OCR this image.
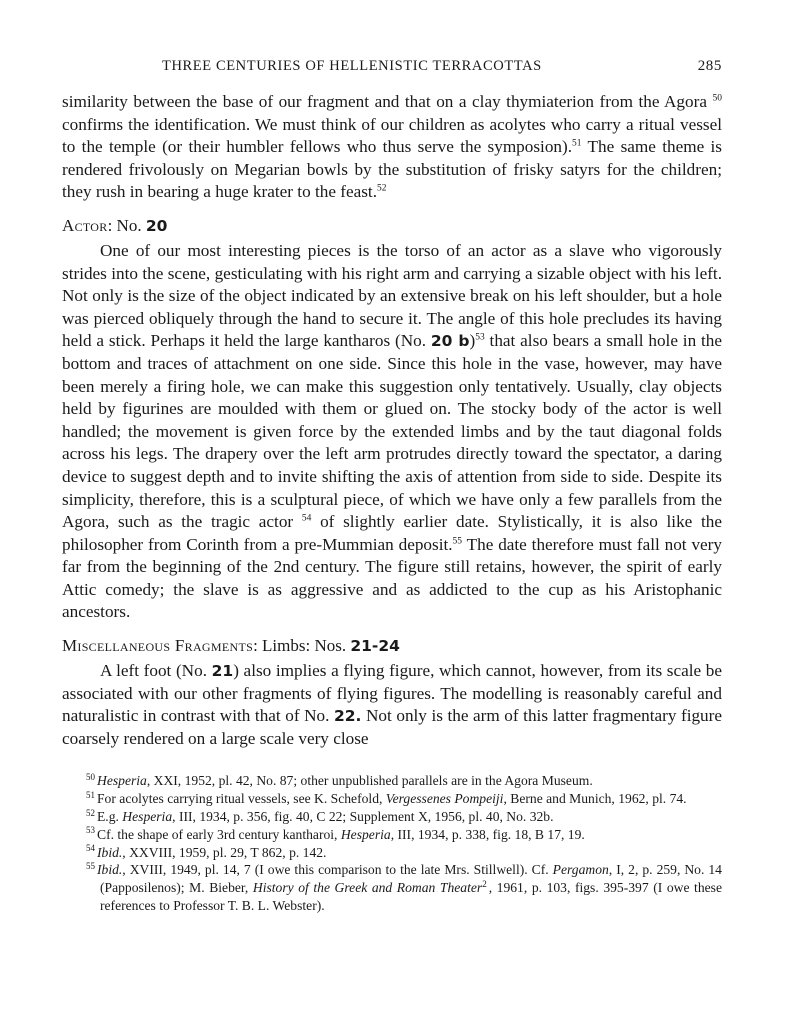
THREE CENTURIES OF HELLENISTIC TERRACOTTAS	285

similarity between the base of our fragment and that on a clay thymiaterion from the Agora $^{50}$ confirms the identification. We must think of our children as acolytes who carry a ritual vessel to the temple (or their humbler fellows who thus serve the symposion).$^{51}$ The same theme is rendered frivolously on Megarian bowls by the substitution of frisky satyrs for the children; they rush in bearing a huge krater to the feast.$^{52}$

Actor: No. 20

One of our most interesting pieces is the torso of an actor as a slave who vigorously strides into the scene, gesticulating with his right arm and carrying a sizable object with his left. Not only is the size of the object indicated by an extensive break on his left shoulder, but a hole was pierced obliquely through the hand to secure it. The angle of this hole precludes its having held a stick. Perhaps it held the large kantharos (No. 20 b)$^{53}$ that also bears a small hole in the bottom and traces of attachment on one side. Since this hole in the vase, however, may have been merely a firing hole, we can make this suggestion only tentatively. Usually, clay objects held by figurines are moulded with them or glued on. The stocky body of the actor is well handled; the movement is given force by the extended limbs and by the taut diagonal folds across his legs. The drapery over the left arm protrudes directly toward the spectator, a daring device to suggest depth and to invite shifting the axis of attention from side to side. Despite its simplicity, therefore, this is a sculptural piece, of which we have only a few parallels from the Agora, such as the tragic actor $^{54}$ of slightly earlier date. Stylistically, it is also like the philosopher from Corinth from a pre-Mummian deposit.$^{55}$ The date therefore must fall not very far from the beginning of the 2nd century. The figure still retains, however, the spirit of early Attic comedy; the slave is as aggressive and as addicted to the cup as his Aristophanic ancestors.

Miscellaneous Fragments: Limbs: Nos. 21-24

A left foot (No. 21) also implies a flying figure, which cannot, however, from its scale be associated with our other fragments of flying figures. The modelling is reasonably careful and naturalistic in contrast with that of No. 22. Not only is the arm of this latter fragmentary figure coarsely rendered on a large scale very close

$^{50}$ Hesperia, XXI, 1952, pl. 42, No. 87; other unpublished parallels are in the Agora Museum.
$^{51}$ For acolytes carrying ritual vessels, see K. Schefold, Vergessenes Pompeiji, Berne and Munich, 1962, pl. 74.
$^{52}$ E.g. Hesperia, III, 1934, p. 356, fig. 40, C 22; Supplement X, 1956, pl. 40, No. 32b.
$^{53}$ Cf. the shape of early 3rd century kantharoi, Hesperia, III, 1934, p. 338, fig. 18, B 17, 19.
$^{54}$ Ibid., XXVIII, 1959, pl. 29, T 862, p. 142.
$^{55}$ Ibid., XVIII, 1949, pl. 14, 7 (I owe this comparison to the late Mrs. Stillwell). Cf. Pergamon, I, 2, p. 259, No. 14 (Papposilenos); M. Bieber, History of the Greek and Roman Theater$^2$ , 1961, p. 103, figs. 395-397 (I owe these references to Professor T. B. L. Webster).
